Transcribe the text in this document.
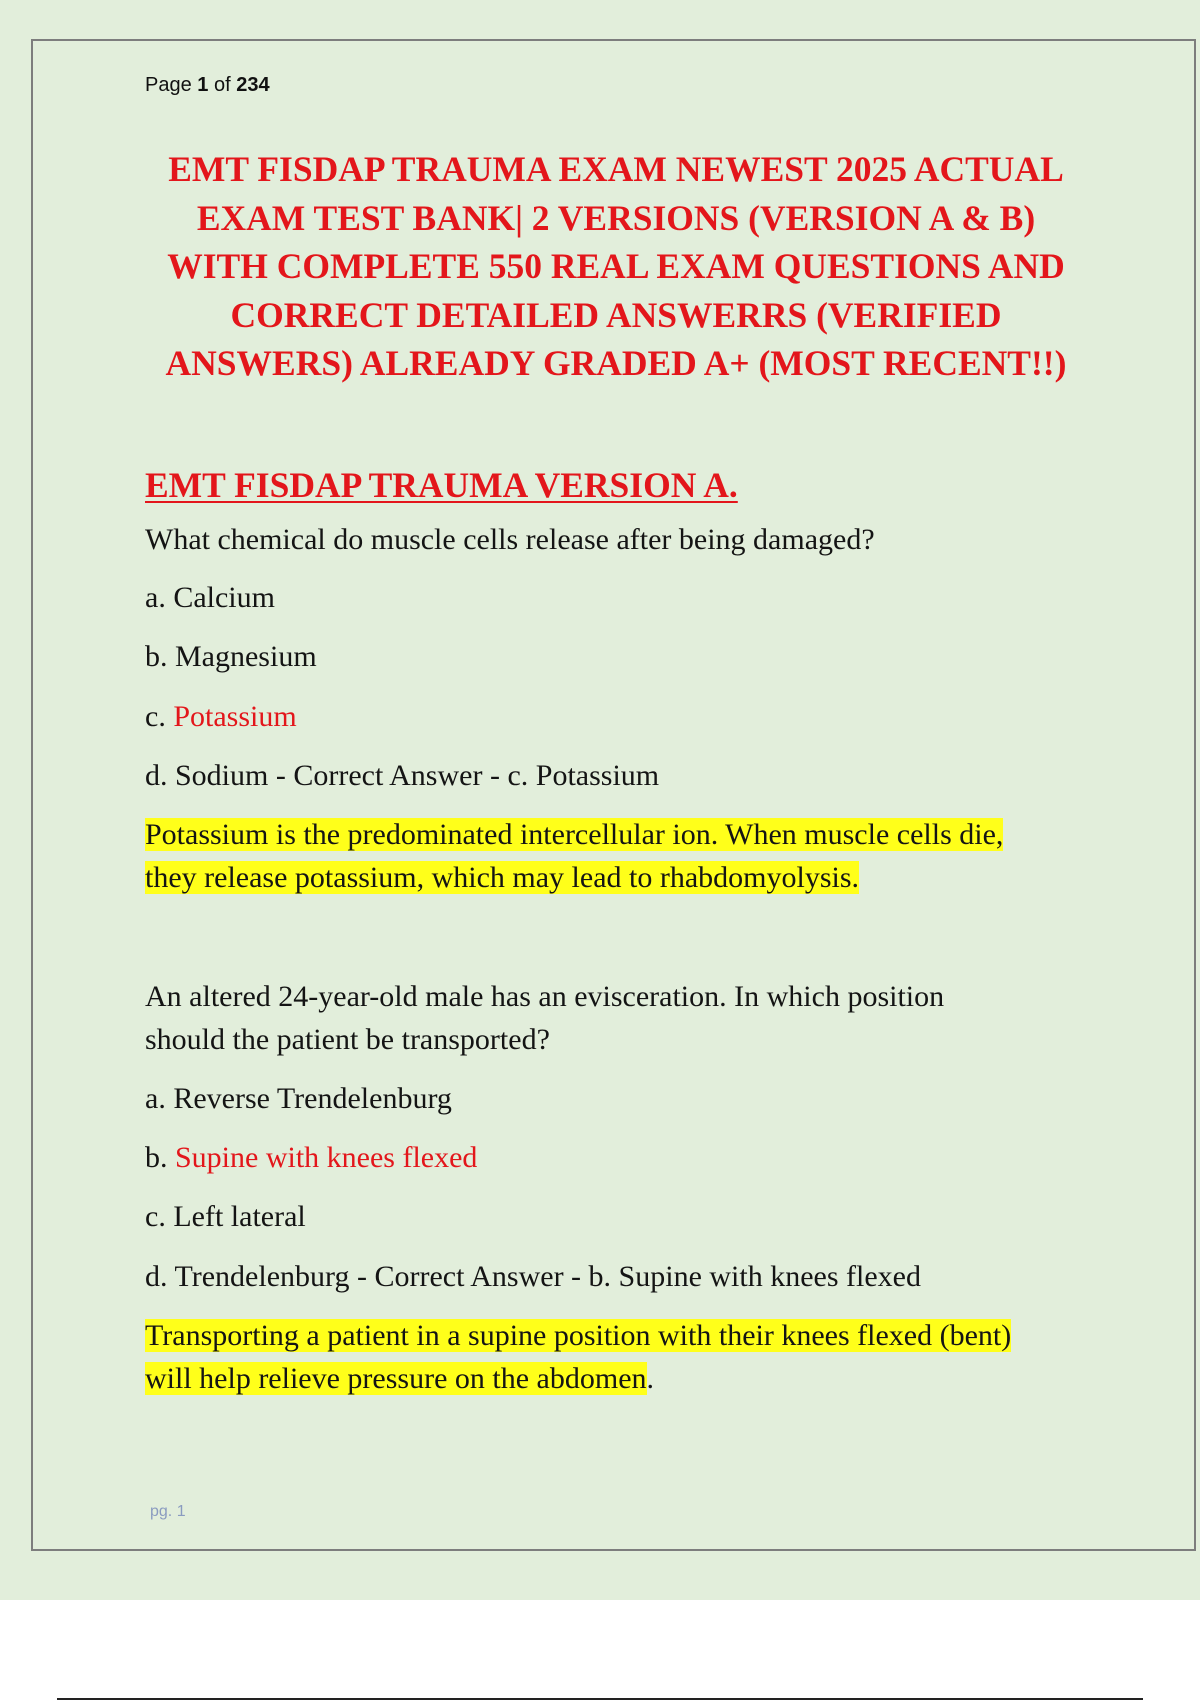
Page 1 of 234
EMT FISDAP TRAUMA EXAM NEWEST 2025 ACTUAL
EXAM TEST BANK| 2 VERSIONS (VERSION A & B)
WITH COMPLETE 550 REAL EXAM QUESTIONS AND
CORRECT DETAILED ANSWERRS (VERIFIED
ANSWERS) ALREADY GRADED A+ (MOST RECENT!!)
EMT FISDAP TRAUMA VERSION A.

What chemical do muscle cells release after being damaged?

a. Calcium

b. Magnesium

c. Potassium

d. Sodium - Correct Answer - c. Potassium

Potassium is the predominated intercellular ion. When muscle cells die,

they release potassium, which may lead to rhabdomyolysis.

An altered 24-year-old male has an evisceration. In which position

should the patient be transported?

a. Reverse Trendelenburg

b. Supine with knees flexed

c. Left lateral

d. Trendelenburg - Correct Answer - b. Supine with knees flexed

Transporting a patient in a supine position with their knees flexed (bent)

will help relieve pressure on the abdomen.

pg. 1
